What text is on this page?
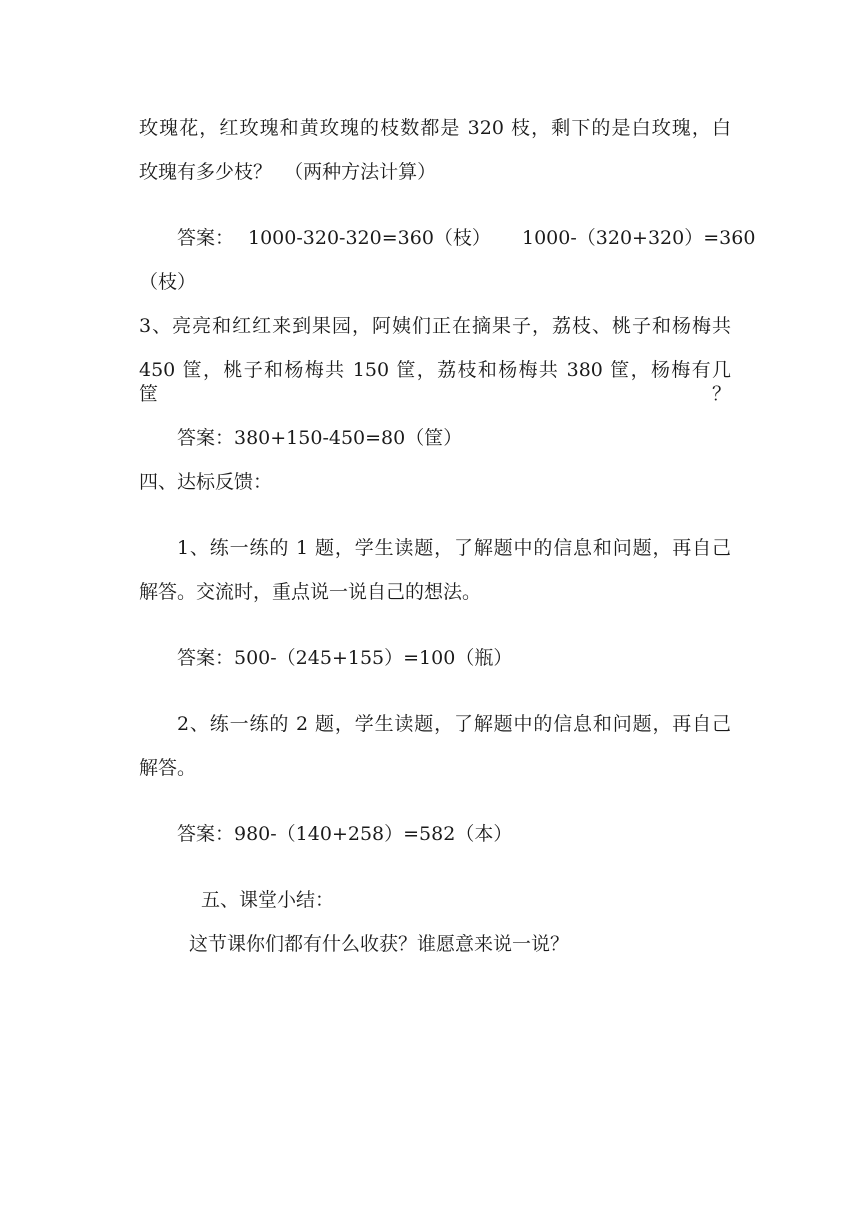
玫瑰花，红玫瑰和黄玫瑰的枝数都是 320 枝，剩下的是白玫瑰，白

玫瑰有多少枝？  （两种方法计算）

答案： 1000-320-320=360（枝） 1000-（320+320）=360

（枝）

3、亮亮和红红来到果园，阿姨们正在摘果子，荔枝、桃子和杨梅共

450 筐，桃子和杨梅共 150 筐，荔枝和杨梅共 380 筐，杨梅有几筐？

答案：380+150-450=80（筐）

四、达标反馈：

1、练一练的 1 题，学生读题，了解题中的信息和问题，再自己

解答。交流时，重点说一说自己的想法。

答案：500-（245+155）=100（瓶）

2、练一练的 2 题，学生读题，了解题中的信息和问题，再自己

解答。

答案：980-（140+258）=582（本）

五、课堂小结：

这节课你们都有什么收获？谁愿意来说一说？
